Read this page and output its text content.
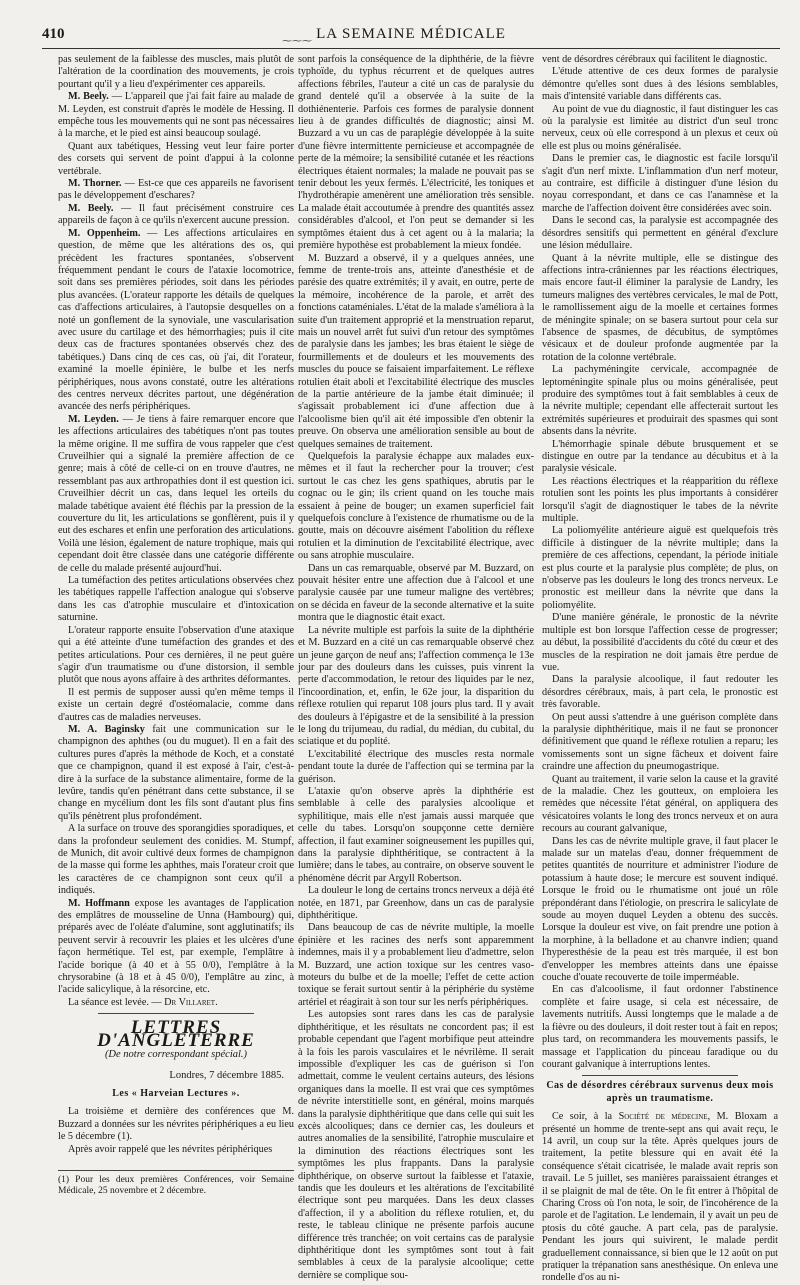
410	⁓⁓⁓ LA SEMAINE MÉDICALE

pas seulement de la faiblesse des muscles, mais plutôt de l'altération de la coordination des mouvements, je crois pourtant qu'il y a lieu d'expérimenter ces appareils.

M. Beely. — L'appareil que j'ai fait faire au malade de M. Leyden, est construit d'après le modèle de Hessing. Il empêche tous les mouvements qui ne sont pas nécessaires à la marche, et le pied est ainsi beaucoup soulagé.

Quant aux tabétiques, Hessing veut leur faire porter des corsets qui servent de point d'appui à la colonne vertébrale.

M. Thorner. — Est-ce que ces appareils ne favorisent pas le développement d'eschares?

M. Beely. — Il faut précisément construire ces appareils de façon à ce qu'ils n'exercent aucune pression.

M. Oppenheim. — Les affections articulaires en question, de même que les altérations des os, qui précèdent les fractures spontanées, s'observent fréquemment pendant le cours de l'ataxie locomotrice, soit dans ses premières périodes, soit dans les périodes plus avancées. (L'orateur rapporte les détails de quelques cas d'affections articulaires, à l'autopsie desquelles on a noté un gonflement de la synoviale, une vascularisation avec usure du cartilage et des hémorrhagies; puis il cite deux cas de fractures spontanées observés chez des tabétiques.) Dans cinq de ces cas, où j'ai, dit l'orateur, examiné la moelle épinière, le bulbe et les nerfs périphériques, nous avons constaté, outre les altérations des centres nerveux décrites partout, une dégénération avancée des nerfs périphériques.

M. Leyden. — Je tiens à faire remarquer encore que les affections articulaires des tabétiques n'ont pas toutes la même origine. Il me suffira de vous rappeler que c'est Cruveilhier qui a signalé la première affection de ce genre; mais à côté de celle-ci on en trouve d'autres, ne ressemblant pas aux arthropathies dont il est question ici. Cruveilhier décrit un cas, dans lequel les orteils du malade tabétique avaient été fléchis par la pression de la couverture du lit, les articulations se gonflèrent, puis il y eut des eschares et enfin une perforation des articulations. Voilà une lésion, également de nature trophique, mais qui cependant doit être classée dans une catégorie différente de celle du malade présenté aujourd'hui.

La tuméfaction des petites articulations observées chez les tabétiques rappelle l'affection analogue qui s'observe dans les cas d'atrophie musculaire et d'intoxication saturnine.

L'orateur rapporte ensuite l'observation d'une ataxique qui a été atteinte d'une tuméfaction des grandes et des petites articulations. Pour ces dernières, il ne peut guère s'agir d'un traumatisme ou d'une distorsion, il semble plutôt que nous ayons affaire à des arthrites déformantes.

Il est permis de supposer aussi qu'en même temps il existe un certain degré d'ostéomalacie, comme dans d'autres cas de maladies nerveuses.

M. A. Baginsky fait une communication sur le champignon des aphthes (ou du muguet). Il en a fait des cultures pures d'après la méthode de Koch, et a constaté que ce champignon, quand il est exposé à l'air, c'est-à-dire à la surface de la substance alimentaire, forme de la levûre, tandis qu'en pénétrant dans cette substance, il se change en mycélium dont les fils sont d'autant plus fins qu'ils pénètrent plus profondément.

A la surface on trouve des sporangidies sporadiques, et dans la profondeur seulement des conidies. M. Stumpf, de Munich, dit avoir cultivé deux formes de champignon de la masse qui forme les aphthes, mais l'orateur croit que les caractères de ce champignon sont ceux qu'il a indiqués.

M. Hoffmann expose les avantages de l'application des emplâtres de mousseline de Unna (Hambourg) qui, préparés avec de l'oléate d'alumine, sont agglutinatifs; ils peuvent servir à recouvrir les plaies et les ulcères d'une façon hermétique. Tel est, par exemple, l'emplâtre à l'acide borique (à 40 et à 55 0/0), l'emplâtre à la chrysorabine (à 18 et à 45 0/0), l'emplâtre au zinc, à l'acide salicylique, à la résorcine, etc.

La séance est levée. — Dr Villaret.

LETTRES D'ANGLETERRE
(De notre correspondant spécial.)
Londres, 7 décembre 1885.
Les « Harveian Lectures ».

La troisième et dernière des conférences que M. Buzzard a données sur les névrites périphériques a eu lieu le 5 décembre (1).

Après avoir rappelé que les névrites périphériques

(1) Pour les deux premières Conférences, voir Semaine Médicale, 25 novembre et 2 décembre.

sont parfois la conséquence de la diphthérie, de la fièvre typhoïde, du typhus récurrent et de quelques autres affections fébriles, l'auteur a cité un cas de paralysie du grand dentelé qu'il a observée à la suite de la dothiénenterie. Parfois ces formes de paralysie donnent lieu à de grandes difficultés de diagnostic; ainsi M. Buzzard a vu un cas de paraplégie développée à la suite d'une fièvre intermittente pernicieuse et accompagnée de perte de la mémoire; la sensibilité cutanée et les réactions électriques étaient normales; la malade ne pouvait pas se tenir debout les yeux fermés. L'électricité, les toniques et l'hydrothérapie amenèrent une amélioration très sensible. La malade était accoutumée à prendre des quantités assez considérables d'alcool, et l'on peut se demander si les symptômes étaient dus à cet agent ou à la malaria; la première hypothèse est probablement la mieux fondée.

M. Buzzard a observé, il y a quelques années, une femme de trente-trois ans, atteinte d'anesthésie et de parésie des quatre extrémités; il y avait, en outre, perte de la mémoire, incohérence de la parole, et arrêt des fonctions cataméniales. L'état de la malade s'améliora à la suite d'un traitement approprié et la menstruation reparut, mais un nouvel arrêt fut suivi d'un retour des symptômes de paralysie dans les jambes; les bras étaient le siège de fourmillements et de douleurs et les mouvements des muscles du pouce se faisaient imparfaitement. Le réflexe rotulien était aboli et l'excitabilité électrique des muscles de la partie antérieure de la jambe était diminuée; il s'agissait probablement ici d'une affection due à l'alcoolisme bien qu'il ait été impossible d'en obtenir la preuve. On observa une amélioration sensible au bout de quelques semaines de traitement.

Quelquefois la paralysie échappe aux malades eux-mêmes et il faut la rechercher pour la trouver; c'est surtout le cas chez les gens spathiques, abrutis par le cognac ou le gin; ils crient quand on les touche mais essaient à peine de bouger; un examen superficiel fait quelquefois conclure à l'existence de rhumatisme ou de la goutte, mais on découvre aisément l'abolition du réflexe rotulien et la diminution de l'excitabilité électrique, avec ou sans atrophie musculaire.

Dans un cas remarquable, observé par M. Buzzard, on pouvait hésiter entre une affection due à l'alcool et une paralysie causée par une tumeur maligne des vertèbres; on se décida en faveur de la seconde alternative et la suite montra que le diagnostic était exact.

La névrite multiple est parfois la suite de la diphthérie et M. Buzzard en a cité un cas remarquable observé chez un jeune garçon de neuf ans; l'affection commença le 13e jour par des douleurs dans les cuisses, puis vinrent la perte d'accommodation, le retour des liquides par le nez, l'incoordination, et, enfin, le 62e jour, la disparition du réflexe rotulien qui reparut 108 jours plus tard. Il y avait des douleurs à l'épigastre et de la sensibilité à la pression le long du trijumeau, du radial, du médian, du cubital, du sciatique et du poplité.

L'excitabilité électrique des muscles resta normale pendant toute la durée de l'affection qui se termina par la guérison.

L'ataxie qu'on observe après la diphthérie est semblable à celle des paralysies alcoolique et syphilitique, mais elle n'est jamais aussi marquée que celle du tabes. Lorsqu'on soupçonne cette dernière affection, il faut examiner soigneusement les pupilles qui, dans la paralysie diphthéritique, se contractent à la lumière; dans le tabes, au contraire, on observe souvent le phénomène décrit par Argyll Robertson.

La douleur le long de certains troncs nerveux a déjà été notée, en 1871, par Greenhow, dans un cas de paralysie diphthéritique.

Dans beaucoup de cas de névrite multiple, la moelle épinière et les racines des nerfs sont apparemment indemnes, mais il y a probablement lieu d'admettre, selon M. Buzzard, une action toxique sur les centres vaso-moteurs du bulbe et de la moelle; l'effet de cette action toxique se ferait surtout sentir à la périphérie du système artériel et réagirait à son tour sur les nerfs périphériques.

Les autopsies sont rares dans les cas de paralysie diphthéritique, et les résultats ne concordent pas; il est probable cependant que l'agent morbifique peut atteindre à la fois les parois vasculaires et le névrilème. Il serait impossible d'expliquer les cas de guérison si l'on admettait, comme le veulent certains auteurs, des lésions organiques dans la moelle. Il est vrai que ces symptômes de névrite interstitielle sont, en général, moins marqués dans la paralysie diphthéritique que dans celle qui suit les excès alcooliques; dans ce dernier cas, les douleurs et autres anomalies de la sensibilité, l'atrophie musculaire et la diminution des réactions électriques sont les symptômes les plus frappants. Dans la paralysie diphthérique, on observe surtout la faiblesse et l'ataxie, tandis que les douleurs et les altérations de l'excitabilité électrique sont peu marquées. Dans les deux classes d'affection, il y a abolition du réflexe rotulien, et, du reste, le tableau clinique ne présente parfois aucune différence très tranchée; on voit certains cas de paralysie diphthéritique dont les symptômes sont tout à fait semblables à ceux de la paralysie alcoolique; cette dernière se complique sou-

vent de désordres cérébraux qui facilitent le diagnostic.

L'étude attentive de ces deux formes de paralysie démontre qu'elles sont dues à des lésions semblables, mais d'intensité variable dans différents cas.

Au point de vue du diagnostic, il faut distinguer les cas où la paralysie est limitée au district d'un seul tronc nerveux, ceux où elle correspond à un plexus et ceux où elle est plus ou moins généralisée.

Dans le premier cas, le diagnostic est facile lorsqu'il s'agit d'un nerf mixte. L'inflammation d'un nerf moteur, au contraire, est difficile à distinguer d'une lésion du noyau correspondant, et dans ce cas l'anamnèse et la marche de l'affection doivent être considérées avec soin.

Dans le second cas, la paralysie est accompagnée des désordres sensitifs qui permettent en général d'exclure une lésion médullaire.

Quant à la névrite multiple, elle se distingue des affections intra-crâniennes par les réactions électriques, mais encore faut-il éliminer la paralysie de Landry, les tumeurs malignes des vertèbres cervicales, le mal de Pott, le ramollissement aigu de la moelle et certaines formes de méningite spinale; on se basera surtout pour cela sur l'absence de spasmes, de décubitus, de symptômes vésicaux et de douleur profonde augmentée par la rotation de la colonne vertébrale.

La pachyméningite cervicale, accompagnée de leptoméningite spinale plus ou moins généralisée, peut produire des symptômes tout à fait semblables à ceux de la névrite multiple; cependant elle affecterait surtout les extrémités supérieures et produirait des spasmes qui sont absents dans la névrite.

L'hémorrhagie spinale débute brusquement et se distingue en outre par la tendance au décubitus et à la paralysie vésicale.

Les réactions électriques et la réapparition du réflexe rotulien sont les points les plus importants à considérer lorsqu'il s'agit de diagnostiquer le tabes de la névrite multiple.

La poliomyélite antérieure aiguë est quelquefois très difficile à distinguer de la névrite multiple; dans la première de ces affections, cependant, la période initiale est plus courte et la paralysie plus complète; de plus, on n'observe pas les douleurs le long des troncs nerveux. Le pronostic est meilleur dans la névrite que dans la poliomyélite.

D'une manière générale, le pronostic de la névrite multiple est bon lorsque l'affection cesse de progresser; au début, la possibilité d'accidents du côté du cœur et des muscles de la respiration ne doit jamais être perdue de vue.

Dans la paralysie alcoolique, il faut redouter les désordres cérébraux, mais, à part cela, le pronostic est très favorable.

On peut aussi s'attendre à une guérison complète dans la paralysie diphthéritique, mais il ne faut se prononcer définitivement que quand le réflexe rotulien a reparu; les vomissements sont un signe fâcheux et doivent faire craindre une affection du pneumogastrique.

Quant au traitement, il varie selon la cause et la gravité de la maladie. Chez les goutteux, on emploiera les remèdes que nécessite l'état général, on appliquera des vésicatoires volants le long des troncs nerveux et on aura recours au courant galvanique,

Dans les cas de névrite multiple grave, il faut placer le malade sur un matelas d'eau, donner fréquemment de petites quantités de nourriture et administrer l'iodure de potassium à haute dose; le mercure est souvent indiqué. Lorsque le froid ou le rhumatisme ont joué un rôle prépondérant dans l'étiologie, on prescrira le salicylate de soude au moyen duquel Leyden a obtenu des succès. Lorsque la douleur est vive, on fait prendre une potion à la morphine, à la belladone et au chanvre indien; quand l'hyperesthésie de la peau est très marquée, il est bon d'envelopper les membres atteints dans une épaisse couche d'ouate recouverte de toile imperméable.

En cas d'alcoolisme, il faut ordonner l'abstinence complète et faire usage, si cela est nécessaire, de lavements nutritifs. Aussi longtemps que le malade a de la fièvre ou des douleurs, il doit rester tout à fait en repos; plus tard, on recommandera les mouvements passifs, le massage et l'application du pinceau faradique ou du courant galvanique à interruptions lentes.

Cas de désordres cérébraux survenus deux mois après un traumatisme.

Ce soir, à la Société de médecine, M. Bloxam a présenté un homme de trente-sept ans qui avait reçu, le 14 avril, un coup sur la tête. Après quelques jours de traitement, la petite blessure qui en avait été la conséquence s'était cicatrisée, le malade avait repris son travail. Le 5 juillet, ses manières paraissaient étranges et il se plaignit de mal de tête. On le fit entrer à l'hôpital de Charing Cross où l'on nota, le soir, de l'incohérence de la parole et de l'agitation. Le lendemain, il y avait un peu de ptosis du côté gauche. A part cela, pas de paralysie. Pendant les jours qui suivirent, le malade perdit graduellement connaissance, si bien que le 12 août on put pratiquer la trépanation sans anesthésique. On enleva une rondelle d'os au ni-
